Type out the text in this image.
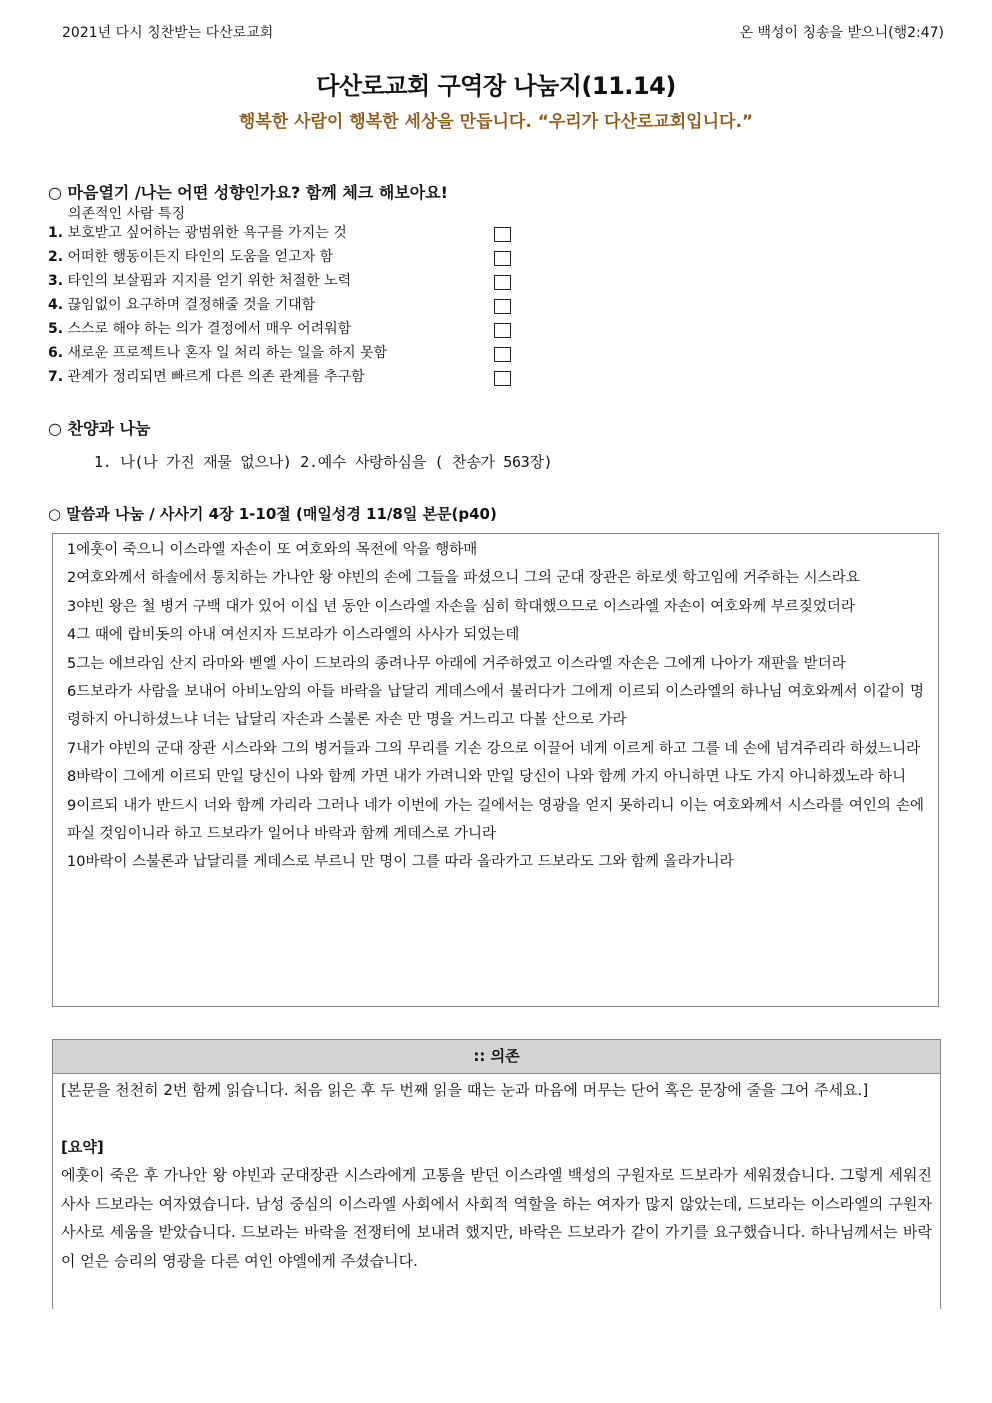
2021년 다시 칭찬받는 다산로교회	온 백성이 칭송을 받으니(행2:47)
다산로교회 구역장 나눔지(11.14)
행복한 사람이 행복한 세상을 만듭니다. “우리가 다산로교회입니다.”
○ 마음열기 /나는 어떤 성향인가요? 함께 체크 해보아요!
의존적인 사람 특징
1. 보호받고 싶어하는 광범위한 욕구를 가지는 것
2. 어떠한 행동이든지 타인의 도움을 얻고자 함
3. 타인의 보살핌과 지지를 얻기 위한 처절한 노력
4. 끊임없이 요구하며 결정해줄 것을 기대함
5. 스스로 해야 하는 의가 결정에서 매우 어려워함
6. 새로운 프로젝트나 혼자 일 처리 하는 일을 하지 못함
7. 관계가 정리되면 빠르게 다른 의존 관계를 추구함
○ 찬양과 나눔
1. 나(나 가진 재물 없으나) 2.예수 사랑하심을 ( 찬송가 563장)
○ 말씀과 나눔 / 사사기 4장 1-10절 (매일성경 11/8일 본문(p40)

1에훗이 죽으니 이스라엘 자손이 또 여호와의 목전에 악을 행하매

2여호와께서 하솔에서 통치하는 가나안 왕 야빈의 손에 그들을 파셨으니 그의 군대 장관은 하로셋 학고임에 거주하는 시스라요

3야빈 왕은 철 병거 구백 대가 있어 이십 년 동안 이스라엘 자손을 심히 학대했으므로 이스라엘 자손이 여호와께 부르짖었더라

4그 때에 랍비돗의 아내 여선지자 드보라가 이스라엘의 사사가 되었는데

5그는 에브라임 산지 라마와 벧엘 사이 드보라의 종려나무 아래에 거주하였고 이스라엘 자손은 그에게 나아가 재판을 받더라

6드보라가 사람을 보내어 아비노암의 아들 바락을 납달리 게데스에서 불러다가 그에게 이르되 이스라엘의 하나님 여호와께서 이같이 명령하지 아니하셨느냐 너는 납달리 자손과 스불론 자손 만 명을 거느리고 다볼 산으로 가라

7내가 야빈의 군대 장관 시스라와 그의 병거들과 그의 무리를 기손 강으로 이끌어 네게 이르게 하고 그를 네 손에 넘겨주리라 하셨느니라

8바락이 그에게 이르되 만일 당신이 나와 함께 가면 내가 가려니와 만일 당신이 나와 함께 가지 아니하면 나도 가지 아니하겠노라 하니

9이르되 내가 반드시 너와 함께 가리라 그러나 네가 이번에 가는 길에서는 영광을 얻지 못하리니 이는 여호와께서 시스라를 여인의 손에 파실 것임이니라 하고 드보라가 일어나 바락과 함께 게데스로 가니라

10바락이 스불론과 납달리를 게데스로 부르니 만 명이 그를 따라 올라가고 드보라도 그와 함께 올라가니라

:: 의존

[본문을 천천히 2번 함께 읽습니다. 처음 읽은 후 두 번째 읽을 때는 눈과 마음에 머무는 단어 혹은 문장에 줄을 그어 주세요.]

[요약]

에훗이 죽은 후 가나안 왕 야빈과 군대장관 시스라에게 고통을 받던 이스라엘 백성의 구원자로 드보라가 세워졌습니다. 그렇게 세워진 사사 드보라는 여자였습니다. 남성 중심의 이스라엘 사회에서 사회적 역할을 하는 여자가 많지 않았는데, 드보라는 이스라엘의 구원자 사사로 세움을 받았습니다. 드보라는 바락을 전쟁터에 보내려 했지만, 바락은 드보라가 같이 가기를 요구했습니다. 하나님께서는 바락이 얻은 승리의 영광을 다른 여인 야엘에게 주셨습니다.
